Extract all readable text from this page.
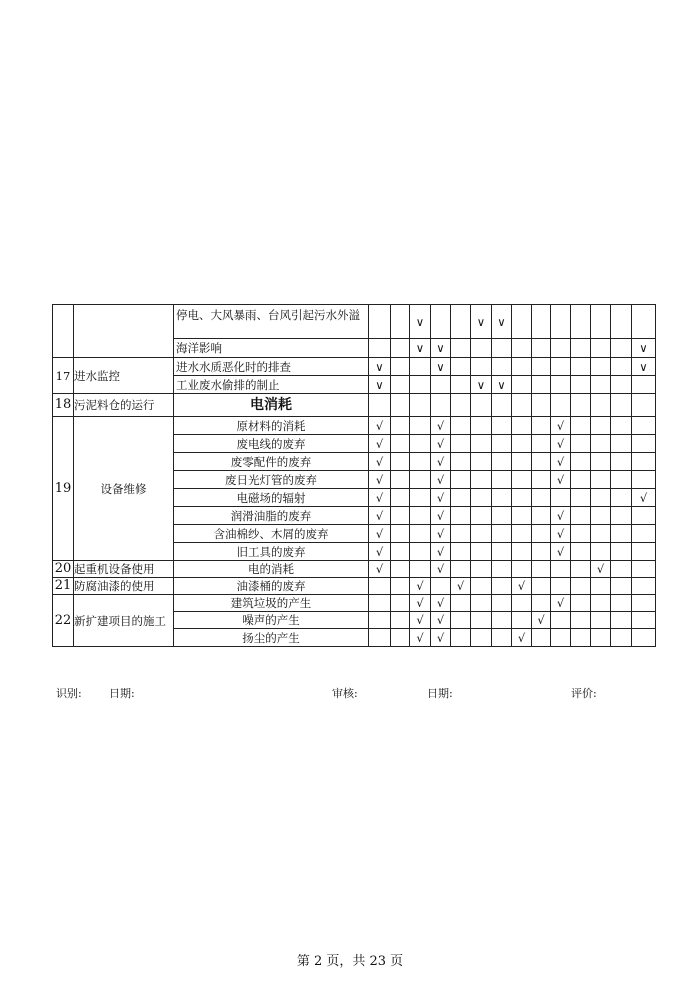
		停电、大风暴雨、台风引起污水外溢			∨			∨	∨							
		海洋影响			∨	∨										∨
17	进水监控	进水水质恶化时的排查	∨			∨										∨
		工业废水偷排的制止	∨					∨	∨							
18	污泥料仓的运行	电消耗														
19	设备维修	原材料的消耗	√			√						√				
		废电线的废弃	√			√						√				
		废零配件的废弃	√			√						√				
		废日光灯管的废弃	√			√						√				
		电磁场的辐射	√			√										√
		润滑油脂的废弃	√			√						√				
		含油棉纱、木屑的废弃	√			√						√				
		旧工具的废弃	√			√						√				
20	起重机设备使用	电的消耗	√			√								√		
21	防腐油漆的使用	油漆桶的废弃			√		√			√						
22	新扩建项目的施工	建筑垃圾的产生			√	√						√				
		噪声的产生			√	√					√					
		扬尘的产生			√	√				√						
识别: 日期:	审核:	日期:	评价:
第 2 页，共 23 页
